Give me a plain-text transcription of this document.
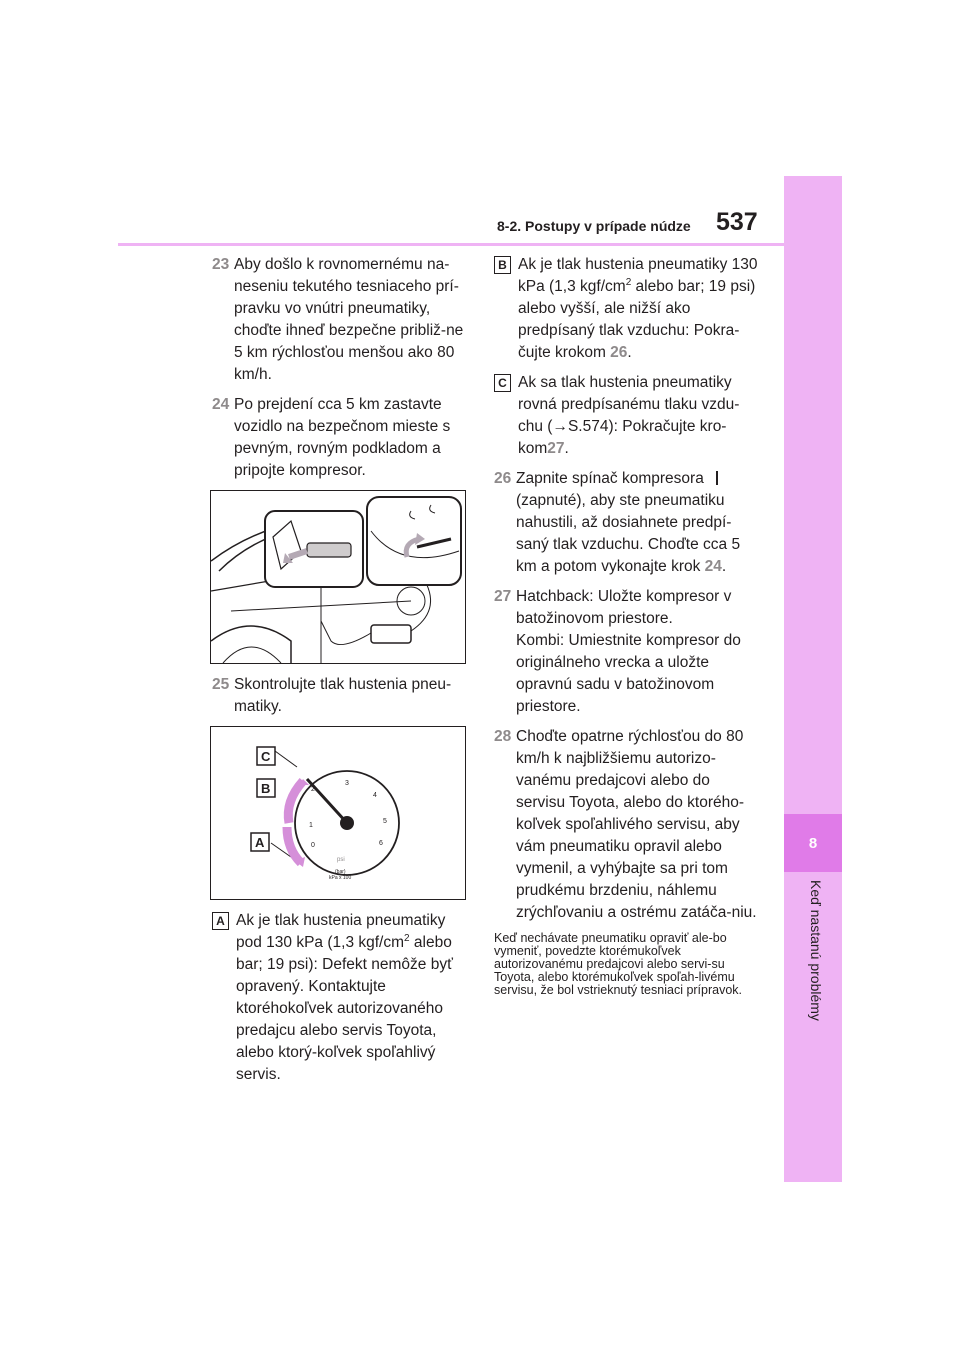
8
Keď nastanú problémy
8-2. Postupy v prípade núdze 537
23 Aby došlo k rovnomernému na-neseniu tekutého tesniaceho prí-pravku vo vnútri pneumatiky, choďte ihneď bezpečne približ-ne 5 km rýchlosťou menšou ako 80 km/h.
24 Po prejdení cca 5 km zastavte vozidlo na bezpečnom mieste s pevným, rovným podkladom a pripojte kompresor.
25 Skontrolujte tlak hustenia pneu-matiky.
2
1
0
3
4
5
6
psi
(bar)
kPa x 100
C
B
A
A Ak je tlak hustenia pneumatiky pod 130 kPa (1,3 kgf/$cm^2$ alebo bar; 19 psi): Defekt nemôže byť opravený. Kontaktujte ktoréhokoľvek autorizovaného predajcu alebo servis Toyota, alebo ktorý-koľvek spoľahlivý servis.
B Ak je tlak hustenia pneumatiky 130 kPa (1,3 kgf/$cm^2$ alebo bar; 19 psi) alebo vyšší, ale nižší ako predpísaný tlak vzduchu: Pokra-čujte krokom 26.
C Ak sa tlak hustenia pneumatiky rovná predpísanému tlaku vzdu-chu (→S.574): Pokračujte kro-kom27.
26 Zapnite spínač kompresora
(zapnuté), aby ste pneumatiku nahustili, až dosiahnete predpí-saný tlak vzduchu. Choďte cca 5 km a potom vykonajte krok 24.
27 Hatchback: Uložte kompresor v batožinovom priestore.
Kombi: Umiestnite kompresor do originálneho vrecka a uložte opravnú sadu v batožinovom priestore.
28 Choďte opatrne rýchlosťou do 80 km/h k najbližšiemu autorizo-vanému predajcovi alebo do servisu Toyota, alebo do ktorého-koľvek spoľahlivého servisu, aby vám pneumatiku opravil alebo vymenil, a vyhýbajte sa pri tom prudkému brzdeniu, náhlemu zrýchľovaniu a ostrému zatáča-niu.
Keď nechávate pneumatiku opraviť ale-bo vymeniť, povedzte ktorémukoľvek autorizovanému predajcovi alebo servi-su Toyota, alebo ktorémukoľvek spoľah-livému servisu, že bol vstrieknutý tesniaci prípravok.
